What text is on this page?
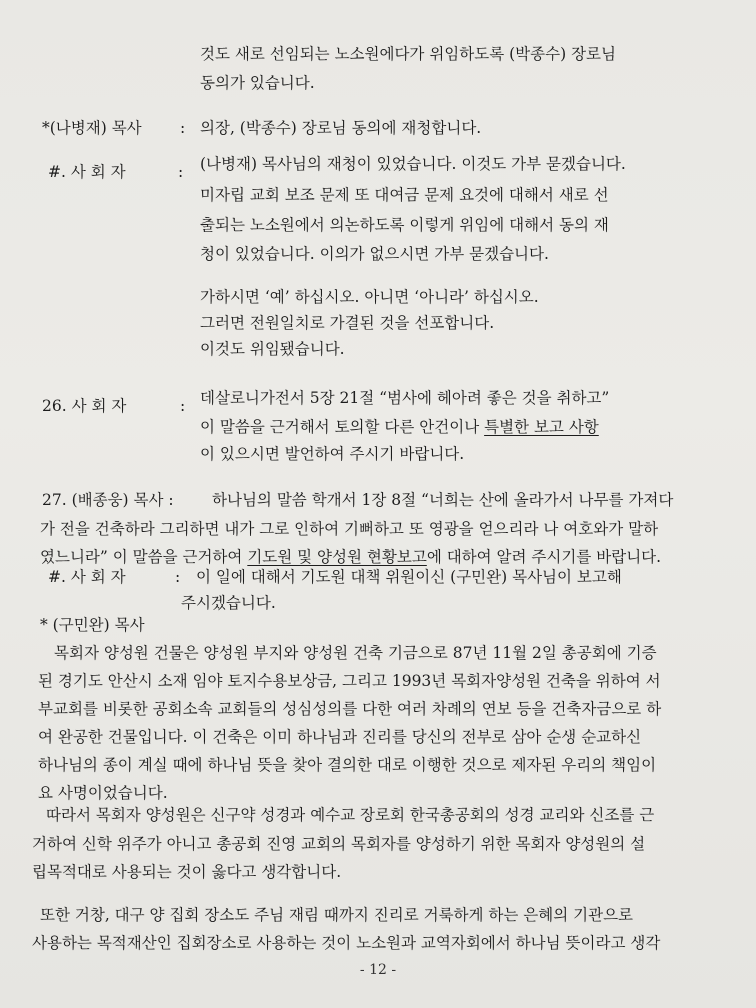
것도 새로 선임되는 노소원에다가 위임하도록 (박종수) 장로님
동의가 있습니다.
*(나병재) 목사 : 의장, (박종수) 장로님 동의에 재청합니다.
#. 사 회 자	: (나병재) 목사님의 재청이 있었습니다. 이것도 가부 묻겠습니다.
미자립 교회 보조 문제 또 대여금 문제 요것에 대해서 새로 선
출되는 노소원에서 의논하도록 이렇게 위임에 대해서 동의 재
청이 있었습니다. 이의가 없으시면 가부 묻겠습니다.
가하시면 ‘예’ 하십시오. 아니면 ‘아니라’ 하십시오.
그러면 전원일치로 가결된 것을 선포합니다.
이것도 위임됐습니다.
26. 사 회 자	: 데살로니가전서 5장 21절 “범사에 헤아려 좋은 것을 취하고”
이 말씀을 근거해서 토의할 다른 안건이나 특별한 보고 사항
이 있으시면 발언하여 주시기 바랍니다.
27. (배종웅) 목사 : 하나님의 말씀 학개서 1장 8절 “너희는 산에 올라가서 나무를 가져다
가 전을 건축하라 그리하면 내가 그로 인하여 기뻐하고 또 영광을 얻으리라 나 여호와가 말하
였느니라” 이 말씀을 근거하여 기도원 및 양성원 현황보고에 대하여 알려 주시기를 바랍니다.
#. 사 회 자	: 이 일에 대해서 기도원 대책 위원이신 (구민완) 목사님이 보고해
주시겠습니다.
* (구민완) 목사
목회자 양성원 건물은 양성원 부지와 양성원 건축 기금으로 87년 11월 2일 총공회에 기증
된 경기도 안산시 소재 임야 토지수용보상금, 그리고 1993년 목회자양성원 건축을 위하여 서
부교회를 비롯한 공회소속 교회들의 성심성의를 다한 여러 차례의 연보 등을 건축자금으로 하
여 완공한 건물입니다. 이 건축은 이미 하나님과 진리를 당신의 전부로 삼아 순생 순교하신
하나님의 종이 계실 때에 하나님 뜻을 찾아 결의한 대로 이행한 것으로 제자된 우리의 책임이
요 사명이었습니다.
따라서 목회자 양성원은 신구약 성경과 예수교 장로회 한국총공회의 성경 교리와 신조를 근
거하여 신학 위주가 아니고 총공회 진영 교회의 목회자를 양성하기 위한 목회자 양성원의 설
립목적대로 사용되는 것이 옳다고 생각합니다.
또한 거창, 대구 양 집회 장소도 주님 재림 때까지 진리로 거룩하게 하는 은혜의 기관으로
- 12 -
사용하는 목적재산인 집회장소로 사용하는 것이 노소원과 교역자회에서 하나님 뜻이라고 생각
